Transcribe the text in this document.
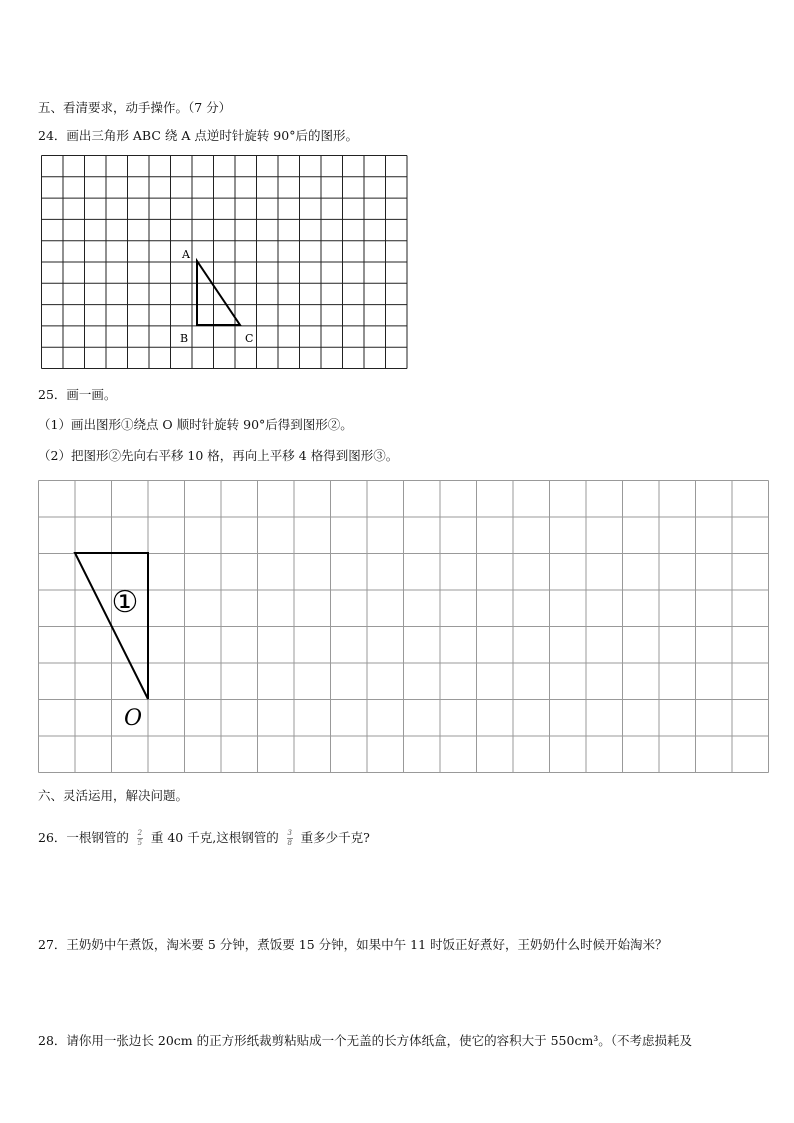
五、看清要求，动手操作。（7 分）
24．画出三角形 ABC 绕 A 点逆时针旋转 90°后的图形。
A
B	C
25．画一画。
（1）画出图形①绕点 O 顺时针旋转 90°后得到图形②。
（2）把图形②先向右平移 10 格，再向上平移 4 格得到图形③。
①
O
六、灵活运用，解决问题。
26．一根钢管的 $\frac{2}{5}$ 重 40 千克,这根钢管的 $\frac{3}{8}$ 重多少千克?
27．王奶奶中午煮饭，淘米要 5 分钟，煮饭要 15 分钟，如果中午 11 时饭正好煮好，王奶奶什么时候开始淘米？
28．请你用一张边长 20cm 的正方形纸裁剪粘贴成一个无盖的长方体纸盒，使它的容积大于 550cm³。（不考虑损耗及
